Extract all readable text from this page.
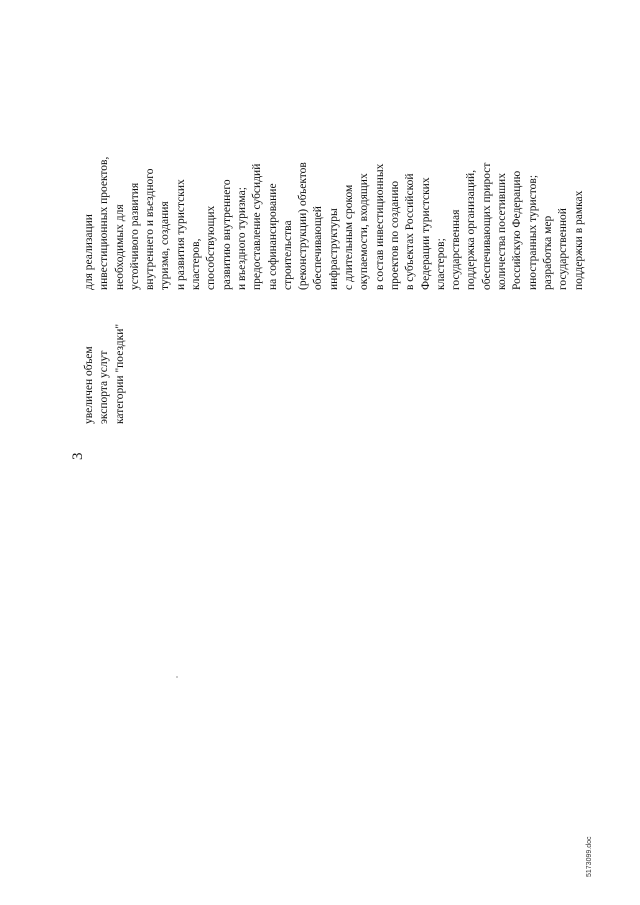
3
увеличен объем экспорта услут категории "поездки"
для реализации инвестиционных проектов, необходимых для устойчивого развития внутреннего и въездного туризма, создания и развития туристских кластеров, способствующих развитию внутреннего и въездного туризма; предоставление субсидий на софинансирование строительства (реконструкции) объектов обеспечивающей инфраструктуры с длительным сроком окупаемости, входящих в состав инвестиционных проектов по созданию в субъектах Российской Федерации туристских кластеров; государственная поддержка организаций, обеспечивающих прирост количества посетивших Российскую Федерацию иностранных туристов; разработка мер государственной поддержки в рамках
5173099.doc
